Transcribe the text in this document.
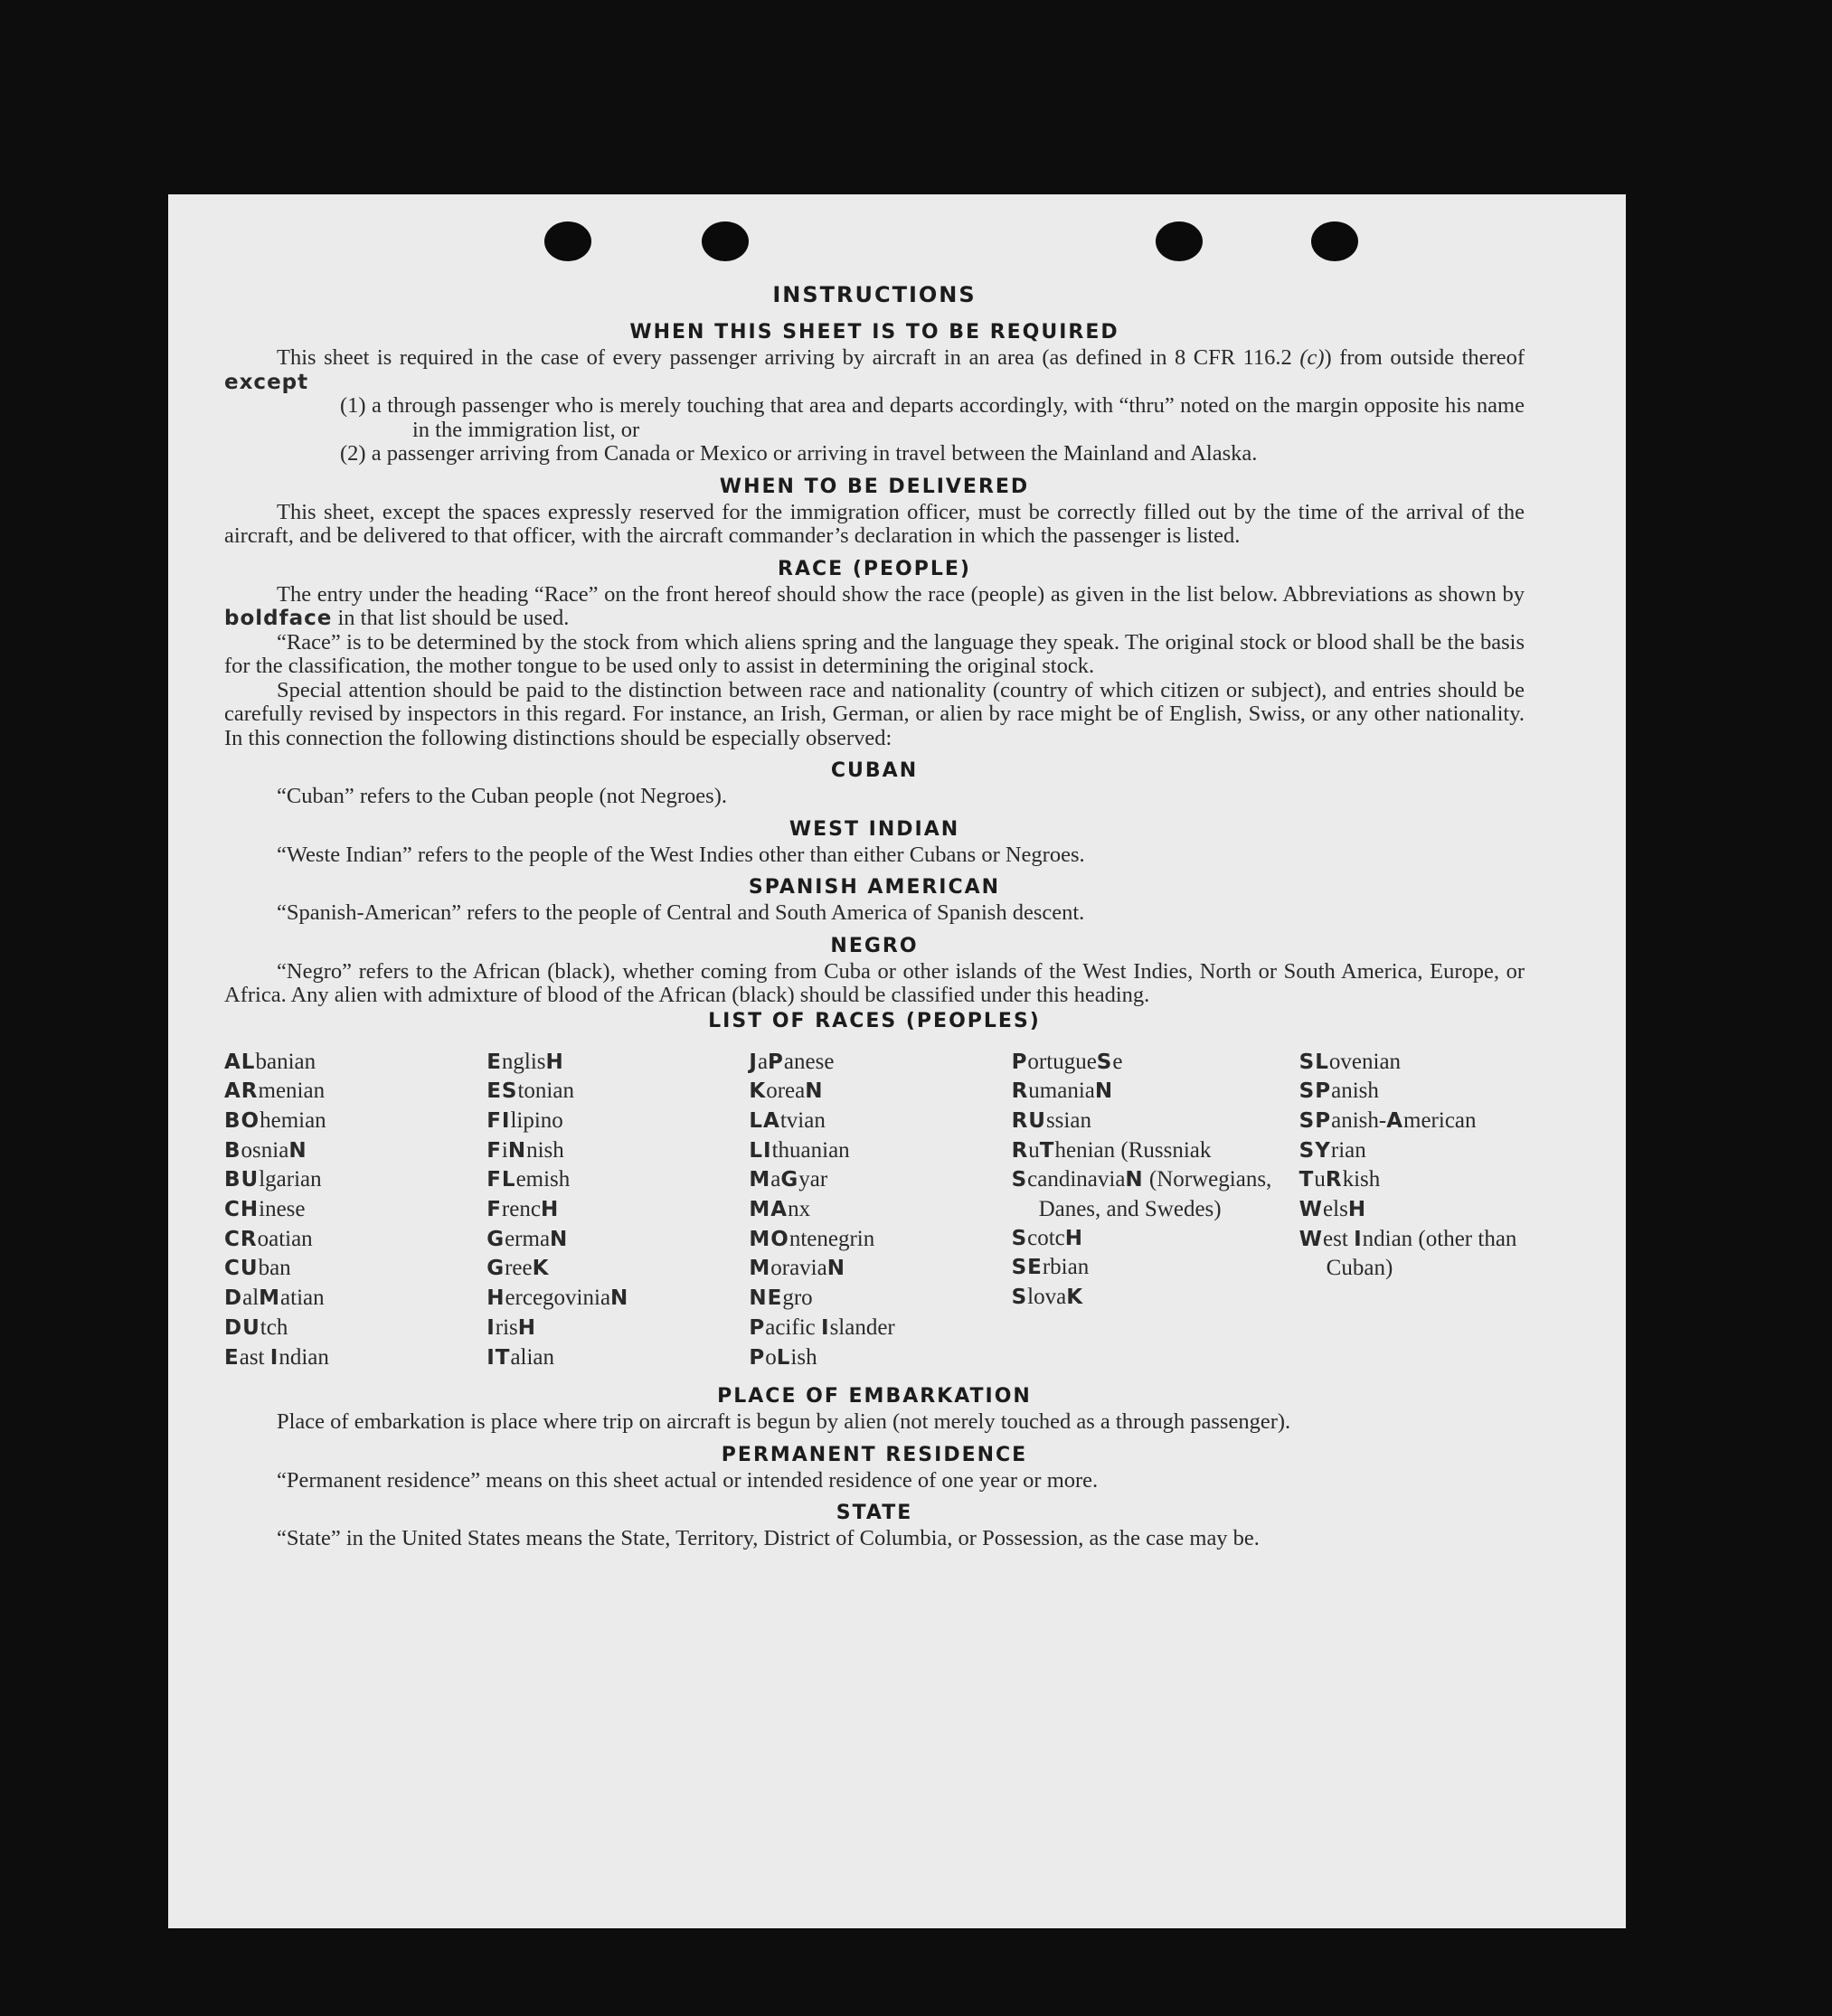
INSTRUCTIONS
WHEN THIS SHEET IS TO BE REQUIRED

This sheet is required in the case of every passenger arriving by aircraft in an area (as defined in 8 CFR 116.2 (c)) from outside thereof except

(1) a through passenger who is merely touching that area and departs accordingly, with “thru” noted on the margin opposite his name in the immigration list, or

(2) a passenger arriving from Canada or Mexico or arriving in travel between the Mainland and Alaska.

WHEN TO BE DELIVERED

This sheet, except the spaces expressly reserved for the immigration officer, must be correctly filled out by the time of the arrival of the aircraft, and be delivered to that officer, with the aircraft commander’s declaration in which the passenger is listed.

RACE (PEOPLE)

The entry under the heading “Race” on the front hereof should show the race (people) as given in the list below. Abbreviations as shown by boldface in that list should be used.

“Race” is to be determined by the stock from which aliens spring and the language they speak. The original stock or blood shall be the basis for the classification, the mother tongue to be used only to assist in determining the original stock.

Special attention should be paid to the distinction between race and nationality (country of which citizen or subject), and entries should be carefully revised by inspectors in this regard. For instance, an Irish, German, or alien by race might be of English, Swiss, or any other nationality. In this connection the following distinctions should be especially observed:

CUBAN

“Cuban” refers to the Cuban people (not Negroes).

WEST INDIAN

“Weste Indian” refers to the people of the West Indies other than either Cubans or Negroes.

SPANISH AMERICAN

“Spanish-American” refers to the people of Central and South America of Spanish descent.

NEGRO

“Negro” refers to the African (black), whether coming from Cuba or other islands of the West Indies, North or South America, Europe, or Africa. Any alien with admixture of blood of the African (black) should be classified under this heading.

LIST OF RACES (PEOPLES)
ALbanian
ARmenian
BOhemian
BosniaN
BUlgarian
CHinese
CRoatian
CUban
DalMatian
DUtch
East Indian
EnglisH
EStonian
FIlipino
FiNnish
FLemish
FrencH
GermaN
GreeK
HercegoviniaN
IrisH
ITalian
JaPanese
KoreaN
LAtvian
LIthuanian
MaGyar
MAnx
MOntenegrin
MoraviaN
NEgro
Pacific Islander
PoLish
PortugueSe
RumaniaN
RUssian
RuThenian (Russniak
ScandinaviaN (Norwegians, Danes, and Swedes)
ScotcH
SErbian
SlovaK
SLovenian
SPanish
SPanish-American
SYrian
TuRkish
WelsH
West Indian (other than Cuban)
PLACE OF EMBARKATION

Place of embarkation is place where trip on aircraft is begun by alien (not merely touched as a through passenger).

PERMANENT RESIDENCE

“Permanent residence” means on this sheet actual or intended residence of one year or more.

STATE

“State” in the United States means the State, Territory, District of Columbia, or Possession, as the case may be.
